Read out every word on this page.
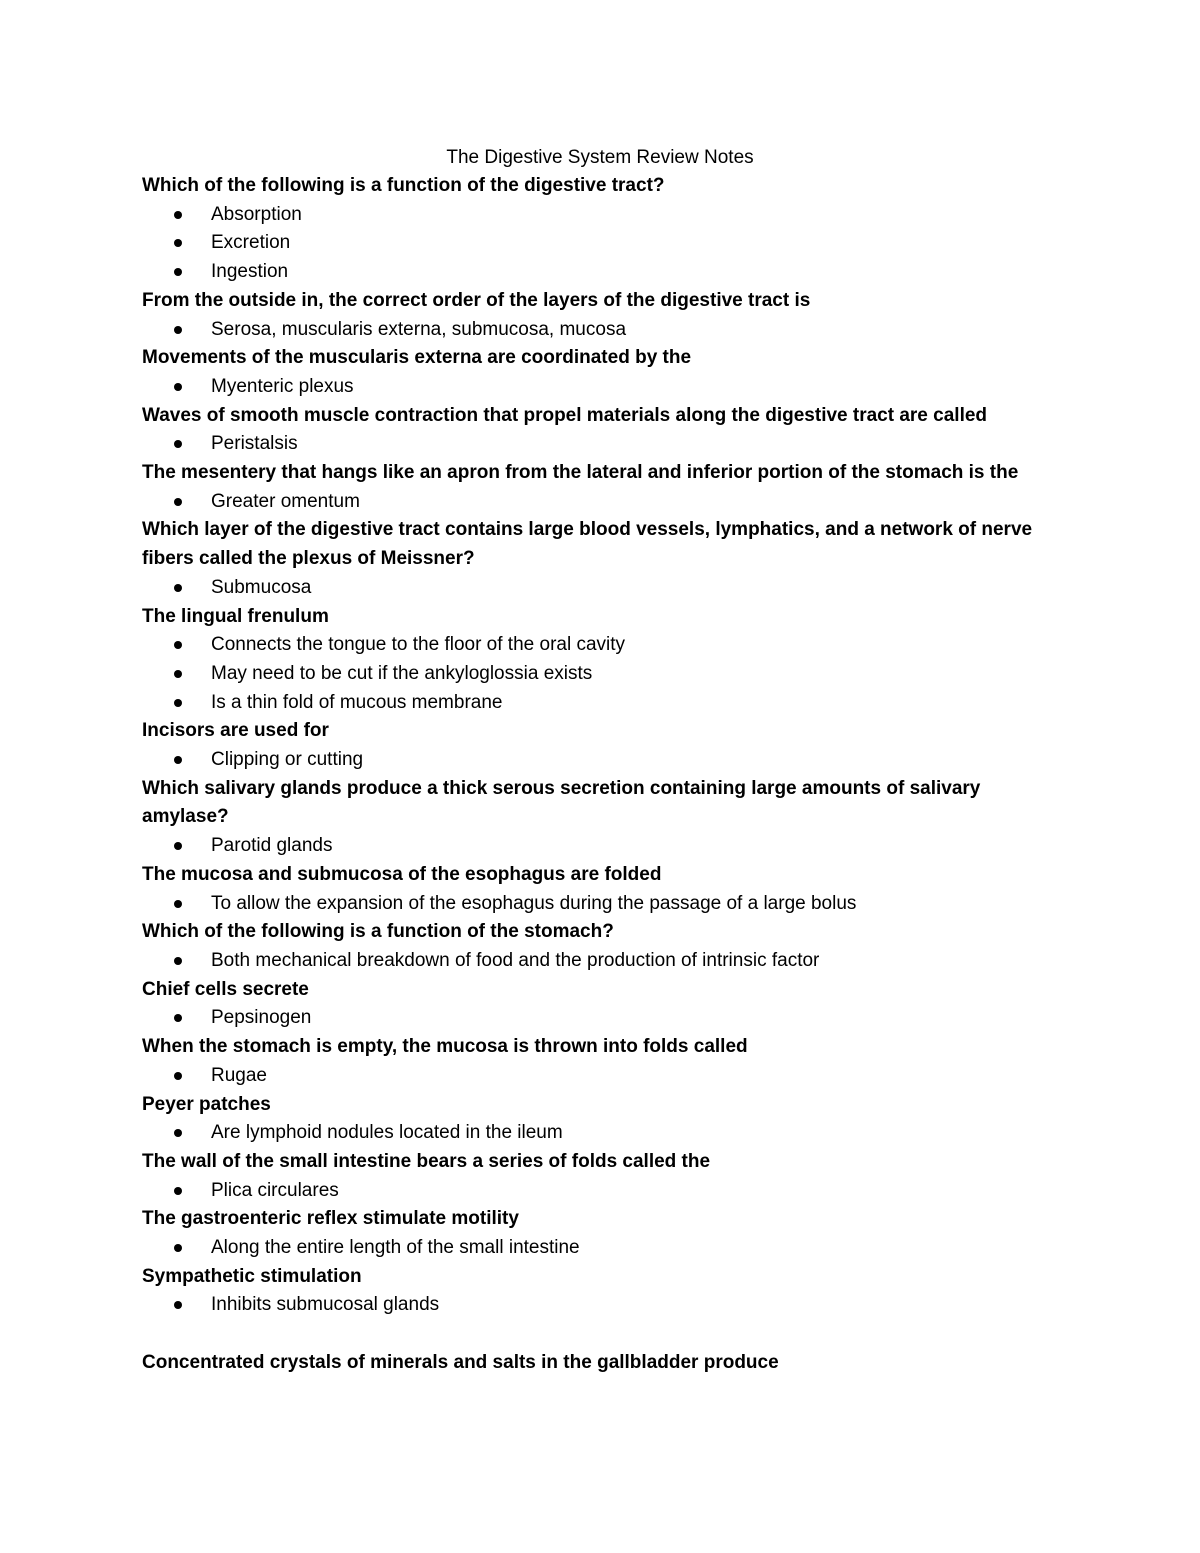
The Digestive System Review Notes
Which of the following is a function of the digestive tract?
Absorption
Excretion
Ingestion
From the outside in, the correct order of the layers of the digestive tract is
Serosa, muscularis externa, submucosa, mucosa
Movements of the muscularis externa are coordinated by the
Myenteric plexus
Waves of smooth muscle contraction that propel materials along the digestive tract are called
Peristalsis
The mesentery that hangs like an apron from the lateral and inferior portion of the stomach is the
Greater omentum
Which layer of the digestive tract contains large blood vessels, lymphatics, and a network of nerve fibers called the plexus of Meissner?
Submucosa
The lingual frenulum
Connects the tongue to the floor of the oral cavity
May need to be cut if the ankyloglossia exists
Is a thin fold of mucous membrane
Incisors are used for
Clipping or cutting
Which salivary glands produce a thick serous secretion containing large amounts of salivary amylase?
Parotid glands
The mucosa and submucosa of the esophagus are folded
To allow the expansion of the esophagus during the passage of a large bolus
Which of the following is a function of the stomach?
Both mechanical breakdown of food and the production of intrinsic factor
Chief cells secrete
Pepsinogen
When the stomach is empty, the mucosa is thrown into folds called
Rugae
Peyer patches
Are lymphoid nodules located in the ileum
The wall of the small intestine bears a series of folds called the
Plica circulares
The gastroenteric reflex stimulate motility
Along the entire length of the small intestine
Sympathetic stimulation
Inhibits submucosal glands
Concentrated crystals of minerals and salts in the gallbladder produce
